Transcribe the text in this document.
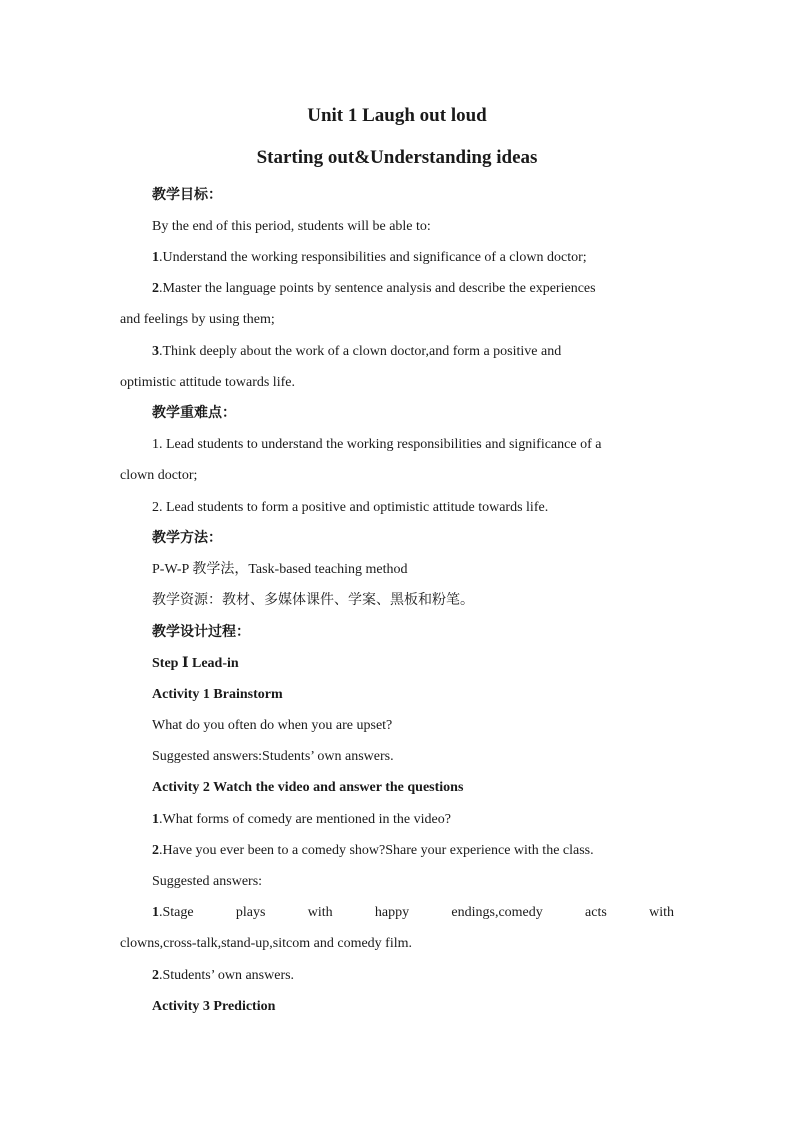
Unit 1 Laugh out loud
Starting out&Understanding ideas
教学目标：
By the end of this period, students will be able to:
1.Understand the working responsibilities and significance of a clown doctor;
2.Master the language points by sentence analysis and describe the experiences
and feelings by using them;
3.Think deeply about the work of a clown doctor,and form a positive and
optimistic attitude towards life.
教学重难点：
1. Lead students to understand the working responsibilities and significance of a
clown doctor;
2. Lead students to form a positive and optimistic attitude towards life.
教学方法：
P-W-P 教学法，Task-based teaching method
教学资源：教材、多媒体课件、学案、黑板和粉笔。
教学设计过程：
Step Ⅰ Lead-in
Activity 1 Brainstorm
What do you often do when you are upset?
Suggested answers:Students’ own answers.
Activity 2 Watch the video and answer the questions
1.What forms of comedy are mentioned in the video?
2.Have you ever been to a comedy show?Share your experience with the class.
Suggested answers:
1.Stage plays with happy endings,comedy acts with
clowns,cross-talk,stand-up,sitcom and comedy film.
2.Students’ own answers.
Activity 3 Prediction
